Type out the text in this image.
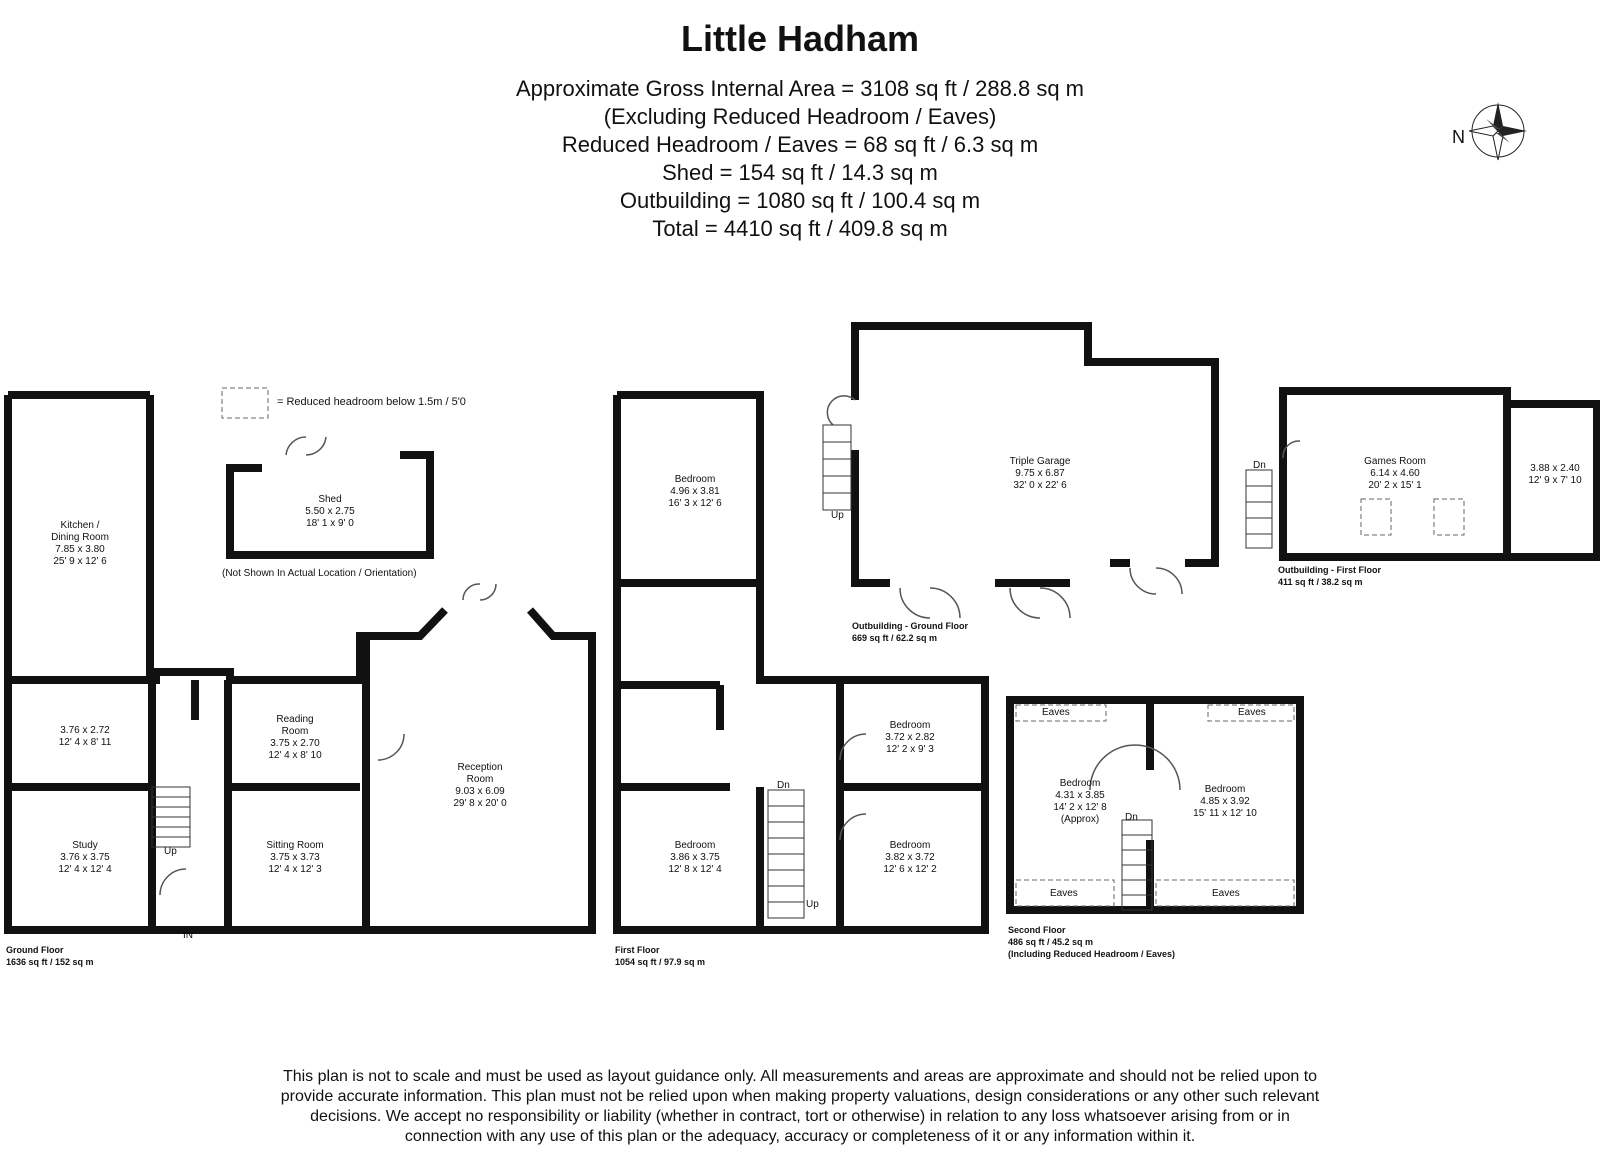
Little Hadham
Approximate Gross Internal Area = 3108 sq ft / 288.8 sq m
(Excluding Reduced Headroom / Eaves)
Reduced Headroom / Eaves = 68 sq ft / 6.3 sq m
Shed = 154 sq ft / 14.3 sq m
Outbuilding = 1080 sq ft / 100.4 sq m
Total = 4410 sq ft / 409.8 sq m
N
= Reduced headroom below 1.5m / 5'0
(Not Shown In Actual Location / Orientation)
Kitchen /
Dining Room
7.85 x 3.80
25' 9 x 12' 6
3.76 x 2.72
12' 4 x 8' 11
Study
3.76 x 3.75
12' 4 x 12' 4
Reading
Room
3.75 x 2.70
12' 4 x 8' 10
Sitting Room
3.75 x 3.73
12' 4 x 12' 3
Reception
Room
9.03 x 6.09
29' 8 x 20' 0
Shed
5.50 x 2.75
18' 1 x 9' 0
Bedroom
4.96 x 3.81
16' 3 x 12' 6
Bedroom
3.72 x 2.82
12' 2 x 9' 3
Bedroom
3.86 x 3.75
12' 8 x 12' 4
Bedroom
3.82 x 3.72
12' 6 x 12' 2
Triple Garage
9.75 x 6.87
32' 0 x 22' 6
Games Room
6.14 x 4.60
20' 2 x 15' 1
3.88 x 2.40
12' 9 x 7' 10
Bedroom
4.31 x 3.85
14' 2 x 12' 8
(Approx)
Bedroom
4.85 x 3.92
15' 11 x 12' 10
Eaves	Eaves
Eaves	Eaves
Up
Up
Up
Dn
Dn
Dn
IN
Ground Floor
1636 sq ft / 152 sq m
First Floor
1054 sq ft / 97.9 sq m
Second Floor
486 sq ft / 45.2 sq m
(Including Reduced Headroom / Eaves)
Outbuilding - Ground Floor
669 sq ft / 62.2 sq m
Outbuilding - First Floor
411 sq ft / 38.2 sq m
This plan is not to scale and must be used as layout guidance only. All measurements and areas are approximate and should not be relied upon to
provide accurate information. This plan must not be relied upon when making property valuations, design considerations or any other such relevant
decisions. We accept no responsibility or liability (whether in contract, tort or otherwise) in relation to any loss whatsoever arising from or in
connection with any use of this plan or the adequacy, accuracy or completeness of it or any information within it.
